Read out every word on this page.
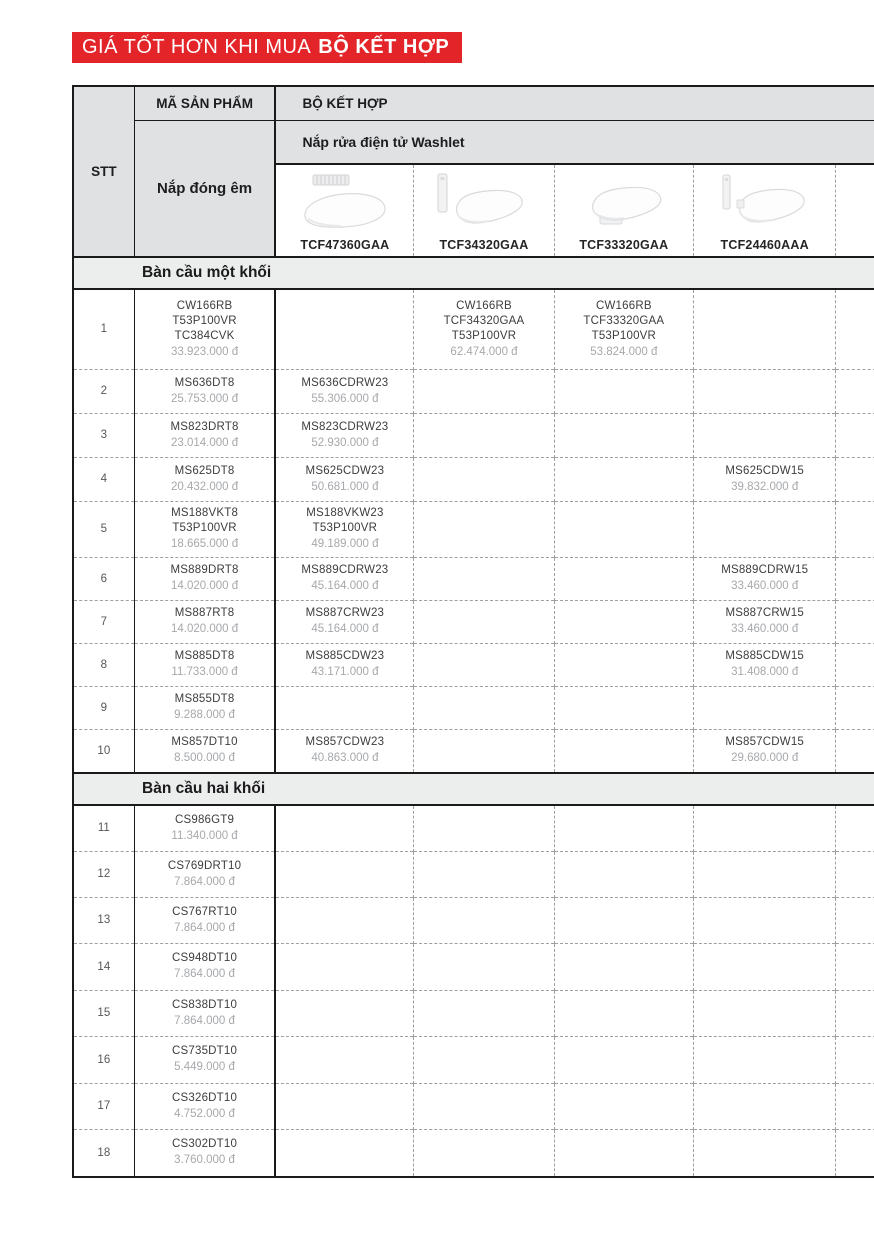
GIÁ TỐT HƠN KHI MUA BỘ KẾT HỢP
STT	MÃ SẢN PHẨM	BỘ KẾT HỢP				
	Nắp đóng êm	Nắp rửa điện tử Washlet				

		TCF47360GAA	TCF34320GAA	TCF33320GAA	TCF24460AAA	

Bàn cầu một khối						
1	CW166RB
T53P100VR
TC384CVK
33.923.000 đ		CW166RB
TCF34320GAA
T53P100VR
62.474.000 đ	CW166RB
TCF33320GAA
T53P100VR
53.824.000 đ		

2	MS636DT8
25.753.000 đ	MS636CDRW23
55.306.000 đ				

3	MS823DRT8
23.014.000 đ	MS823CDRW23
52.930.000 đ				

4	MS625DT8
20.432.000 đ	MS625CDW23
50.681.000 đ			MS625CDW15
39.832.000 đ	

5	MS188VKT8
T53P100VR
18.665.000 đ	MS188VKW23
T53P100VR
49.189.000 đ				

6	MS889DRT8
14.020.000 đ	MS889CDRW23
45.164.000 đ			MS889CDRW15
33.460.000 đ	

7	MS887RT8
14.020.000 đ	MS887CRW23
45.164.000 đ			MS887CRW15
33.460.000 đ	

8	MS885DT8
11.733.000 đ	MS885CDW23
43.171.000 đ			MS885CDW15
31.408.000 đ	

9	MS855DT8
9.288.000 đ					

10	MS857DT10
8.500.000 đ	MS857CDW23
40.863.000 đ			MS857CDW15
29.680.000 đ	

Bàn cầu hai khối						
11	CS986GT9
11.340.000 đ					

12	CS769DRT10
7.864.000 đ					

13	CS767RT10
7.864.000 đ					

14	CS948DT10
7.864.000 đ					

15	CS838DT10
7.864.000 đ					

16	CS735DT10
5.449.000 đ					

17	CS326DT10
4.752.000 đ					

18	CS302DT10
3.760.000 đ					
